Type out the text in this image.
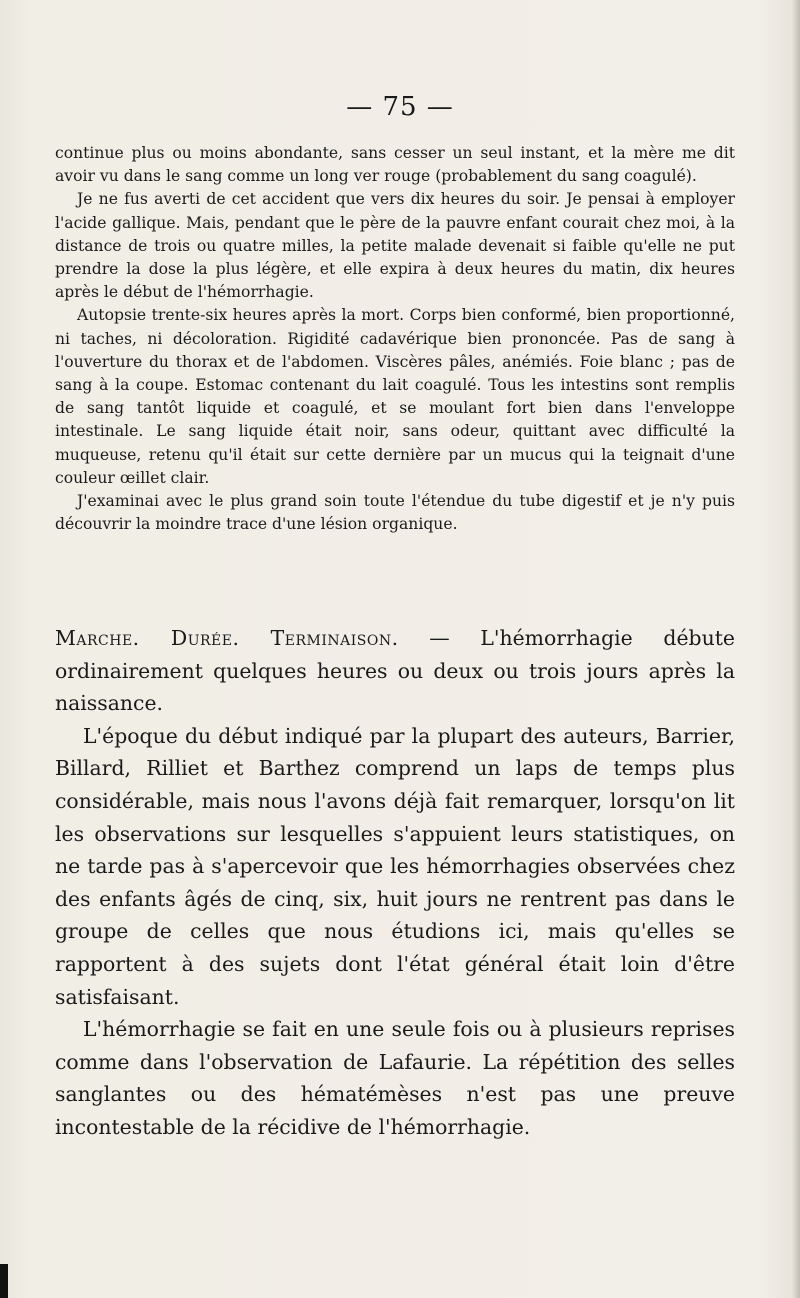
— 75 —

continue plus ou moins abondante, sans cesser un seul instant, et la mère me dit avoir vu dans le sang comme un long ver rouge (probablement du sang coagulé).

Je ne fus averti de cet accident que vers dix heures du soir. Je pensai à employer l'acide gallique. Mais, pendant que le père de la pauvre enfant courait chez moi, à la distance de trois ou quatre milles, la petite malade devenait si faible qu'elle ne put prendre la dose la plus légère, et elle expira à deux heures du matin, dix heures après le début de l'hémorrhagie.

Autopsie trente-six heures après la mort. Corps bien conformé, bien proportionné, ni taches, ni décoloration. Rigidité cadavérique bien prononcée. Pas de sang à l'ouverture du thorax et de l'abdomen. Viscères pâles, anémiés. Foie blanc ; pas de sang à la coupe. Estomac contenant du lait coagulé. Tous les intestins sont remplis de sang tantôt liquide et coagulé, et se moulant fort bien dans l'enveloppe intestinale. Le sang liquide était noir, sans odeur, quittant avec difficulté la muqueuse, retenu qu'il était sur cette dernière par un mucus qui la teignait d'une couleur œillet clair.

J'examinai avec le plus grand soin toute l'étendue du tube digestif et je n'y puis découvrir la moindre trace d'une lésion organique.

Marche. Durée. Terminaison. — L'hémorrhagie débute ordinairement quelques heures ou deux ou trois jours après la naissance.

L'époque du début indiqué par la plupart des auteurs, Barrier, Billard, Rilliet et Barthez comprend un laps de temps plus considérable, mais nous l'avons déjà fait remarquer, lorsqu'on lit les observations sur lesquelles s'appuient leurs statistiques, on ne tarde pas à s'apercevoir que les hémorrhagies observées chez des enfants âgés de cinq, six, huit jours ne rentrent pas dans le groupe de celles que nous étudions ici, mais qu'elles se rapportent à des sujets dont l'état général était loin d'être satisfaisant.

L'hémorrhagie se fait en une seule fois ou à plusieurs reprises comme dans l'observation de Lafaurie. La répétition des selles sanglantes ou des hématémèses n'est pas une preuve incontestable de la récidive de l'hémorrhagie.
